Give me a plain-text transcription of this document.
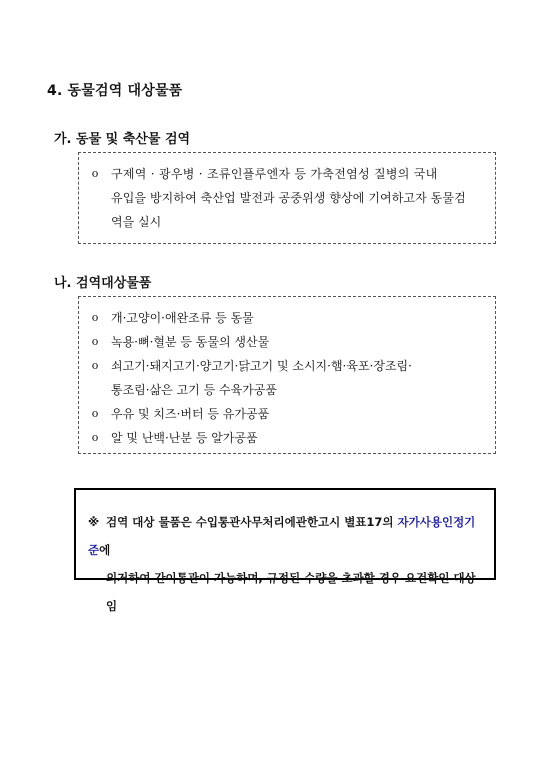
4. 동물검역 대상물품
가. 동물 및 축산물 검역
ο 구제역 · 광우병 · 조류인플루엔자 등 가축전염성 질병의 국내
유입을 방지하여 축산업 발전과 공중위생 향상에 기여하고자 동물검
역을 실시
나. 검역대상물품
ο 개·고양이·애완조류 등 동물
ο 녹용·뼈·혈분 등 동물의 생산물
ο 쇠고기·돼지고기·양고기·닭고기 및 소시지·햄·육포·장조림·
통조림·삶은 고기 등 수육가공품
ο 우유 및 치즈·버터 등 유가공품
ο 알 및 난백·난분 등 알가공품
※ 검역 대상 물품은 수입통관사무처리에관한고시 별표17의 자가사용인정기준에
의거하여 간이통관이 가능하며, 규정된 수량을 초과할 경우 요건확인 대상임
